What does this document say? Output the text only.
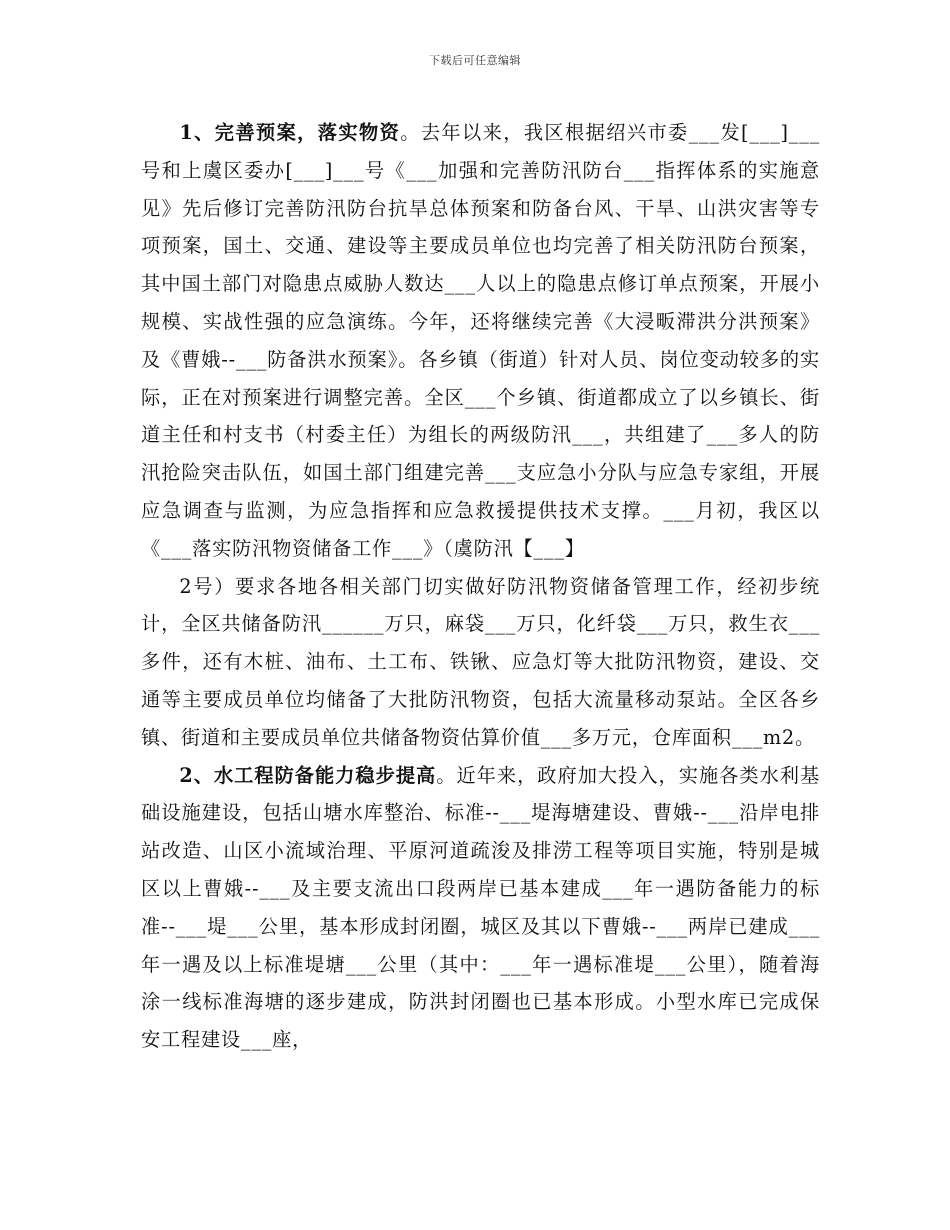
下载后可任意编辑

1、完善预案，落实物资。去年以来，我区根据绍兴市委___发[___]___号和上虞区委办[___]___号《___加强和完善防汛防台___指挥体系的实施意见》先后修订完善防汛防台抗旱总体预案和防备台风、干旱、山洪灾害等专项预案，国土、交通、建设等主要成员单位也均完善了相关防汛防台预案，其中国土部门对隐患点威胁人数达___人以上的隐患点修订单点预案，开展小规模、实战性强的应急演练。今年，还将继续完善《大浸畈滞洪分洪预案》及《曹娥--___防备洪水预案》。各乡镇（街道）针对人员、岗位变动较多的实际，正在对预案进行调整完善。全区___个乡镇、街道都成立了以乡镇长、街道主任和村支书（村委主任）为组长的两级防汛___，共组建了___多人的防汛抢险突击队伍，如国土部门组建完善___支应急小分队与应急专家组，开展应急调查与监测，为应急指挥和应急救援提供技术支撑。___月初，我区以《___落实防汛物资储备工作___》（虞防汛【___】

2号）要求各地各相关部门切实做好防汛物资储备管理工作，经初步统计，全区共储备防汛______万只，麻袋___万只，化纤袋___万只，救生衣___多件，还有木桩、油布、土工布、铁锹、应急灯等大批防汛物资，建设、交通等主要成员单位均储备了大批防汛物资，包括大流量移动泵站。全区各乡镇、街道和主要成员单位共储备物资估算价值___多万元，仓库面积___m2。

2、水工程防备能力稳步提高。近年来，政府加大投入，实施各类水利基础设施建设，包括山塘水库整治、标准--___堤海塘建设、曹娥--___沿岸电排站改造、山区小流域治理、平原河道疏浚及排涝工程等项目实施，特别是城区以上曹娥--___及主要支流出口段两岸已基本建成___年一遇防备能力的标准--___堤___公里，基本形成封闭圈，城区及其以下曹娥--___两岸已建成___年一遇及以上标准堤塘___公里（其中：___年一遇标准堤___公里），随着海涂一线标准海塘的逐步建成，防洪封闭圈也已基本形成。小型水库已完成保安工程建设___座，
